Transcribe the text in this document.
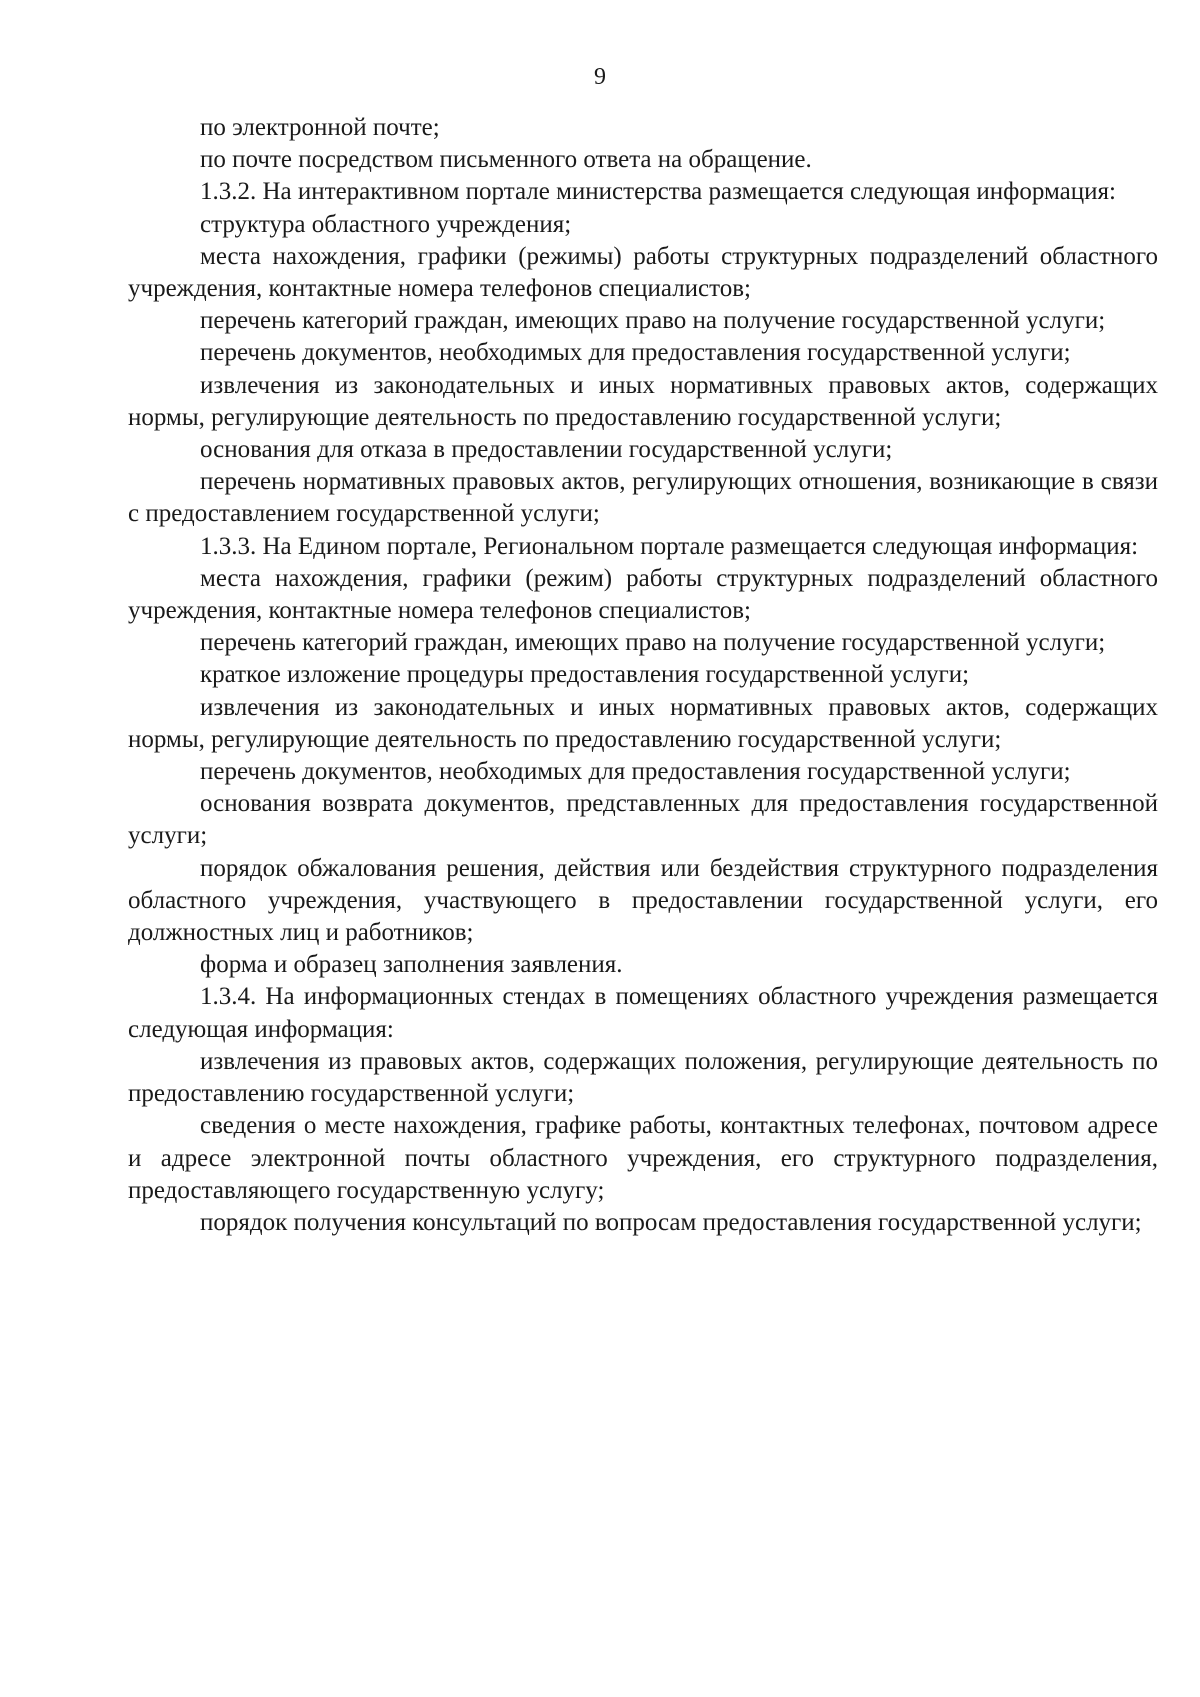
9

по электронной почте;

по почте посредством письменного ответа на обращение.

1.3.2. На интерактивном портале министерства размещается следующая информация:

структура областного учреждения;

места нахождения, графики (режимы) работы структурных подразделений областного учреждения, контактные номера телефонов специалистов;

перечень категорий граждан, имеющих право на получение государственной услуги;

перечень документов, необходимых для предоставления государственной услуги;

извлечения из законодательных и иных нормативных правовых актов, содержащих нормы, регулирующие деятельность по предоставлению государственной услуги;

основания для отказа в предоставлении государственной услуги;

перечень нормативных правовых актов, регулирующих отношения, возникающие в связи с предоставлением государственной услуги;

1.3.3. На Едином портале, Региональном портале размещается следующая информация:

места нахождения, графики (режим) работы структурных подразделений областного учреждения, контактные номера телефонов специалистов;

перечень категорий граждан, имеющих право на получение государственной услуги;

краткое изложение процедуры предоставления государственной услуги;

извлечения из законодательных и иных нормативных правовых актов, содержащих нормы, регулирующие деятельность по предоставлению государственной услуги;

перечень документов, необходимых для предоставления государственной услуги;

основания возврата документов, представленных для предоставления государственной услуги;

порядок обжалования решения, действия или бездействия структурного подразделения областного учреждения, участвующего в предоставлении государственной услуги, его должностных лиц и работников;

форма и образец заполнения заявления.

1.3.4. На информационных стендах в помещениях областного учреждения размещается следующая информация:

извлечения из правовых актов, содержащих положения, регулирующие деятельность по предоставлению государственной услуги;

сведения о месте нахождения, графике работы, контактных телефонах, почтовом адресе и адресе электронной почты областного учреждения, его структурного подразделения, предоставляющего государственную услугу;

порядок получения консультаций по вопросам предоставления государственной услуги;
